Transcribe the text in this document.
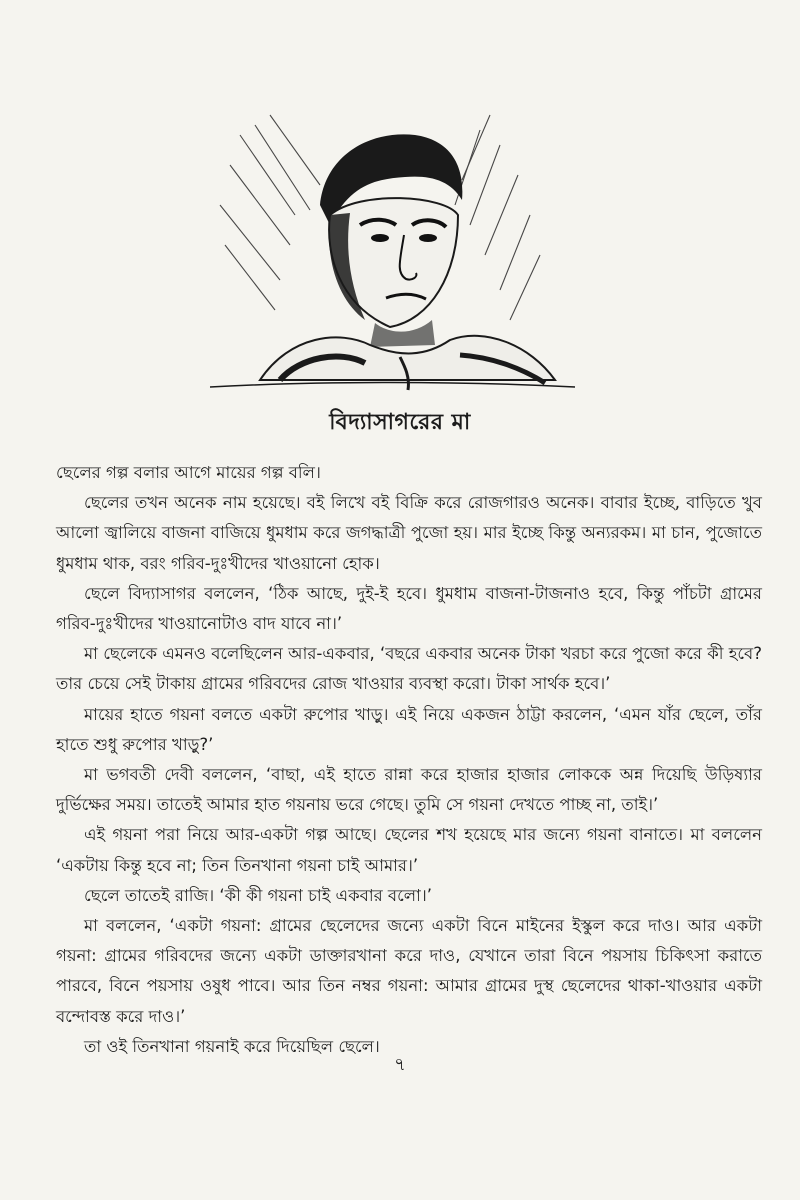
বিদ্যাসাগরের মা

ছেলের গল্প বলার আগে মায়ের গল্প বলি।

ছেলের তখন অনেক নাম হয়েছে। বই লিখে বই বিক্রি করে রোজগারও অনেক। বাবার ইচ্ছে, বাড়িতে খুব আলো জ্বালিয়ে বাজনা বাজিয়ে ধুমধাম করে জগদ্ধাত্রী পুজো হয়। মার ইচ্ছে কিন্তু অন্যরকম। মা চান, পুজোতে ধুমধাম থাক, বরং গরিব-দুঃখীদের খাওয়ানো হোক।

ছেলে বিদ্যাসাগর বললেন, ‘ঠিক আছে, দুই-ই হবে। ধুমধাম বাজনা-টাজনাও হবে, কিন্তু পাঁচটা গ্রামের গরিব-দুঃখীদের খাওয়ানোটাও বাদ যাবে না।’

মা ছেলেকে এমনও বলেছিলেন আর-একবার, ‘বছরে একবার অনেক টাকা খরচা করে পুজো করে কী হবে? তার চেয়ে সেই টাকায় গ্রামের গরিবদের রোজ খাওয়ার ব্যবস্থা করো। টাকা সার্থক হবে।’

মায়ের হাতে গয়না বলতে একটা রুপোর খাড়ু। এই নিয়ে একজন ঠাট্টা করলেন, ‘এমন যাঁর ছেলে, তাঁর হাতে শুধু রুপোর খাড়ু?’

মা ভগবতী দেবী বললেন, ‘বাছা, এই হাতে রান্না করে হাজার হাজার লোককে অন্ন দিয়েছি উড়িষ্যার দুর্ভিক্ষের সময়। তাতেই আমার হাত গয়নায় ভরে গেছে। তুমি সে গয়না দেখতে পাচ্ছ না, তাই।’

এই গয়না পরা নিয়ে আর-একটা গল্প আছে। ছেলের শখ হয়েছে মার জন্যে গয়না বানাতে। মা বললেন ‘একটায় কিন্তু হবে না; তিন তিনখানা গয়না চাই আমার।’

ছেলে তাতেই রাজি। ‘কী কী গয়না চাই একবার বলো।’

মা বললেন, ‘একটা গয়না: গ্রামের ছেলেদের জন্যে একটা বিনে মাইনের ইস্কুল করে দাও। আর একটা গয়না: গ্রামের গরিবদের জন্যে একটা ডাক্তারখানা করে দাও, যেখানে তারা বিনে পয়সায় চিকিৎসা করাতে পারবে, বিনে পয়সায় ওষুধ পাবে। আর তিন নম্বর গয়না: আমার গ্রামের দুস্থ ছেলেদের থাকা-খাওয়ার একটা বন্দোবস্ত করে দাও।’

তা ওই তিনখানা গয়নাই করে দিয়েছিল ছেলে।

৭
